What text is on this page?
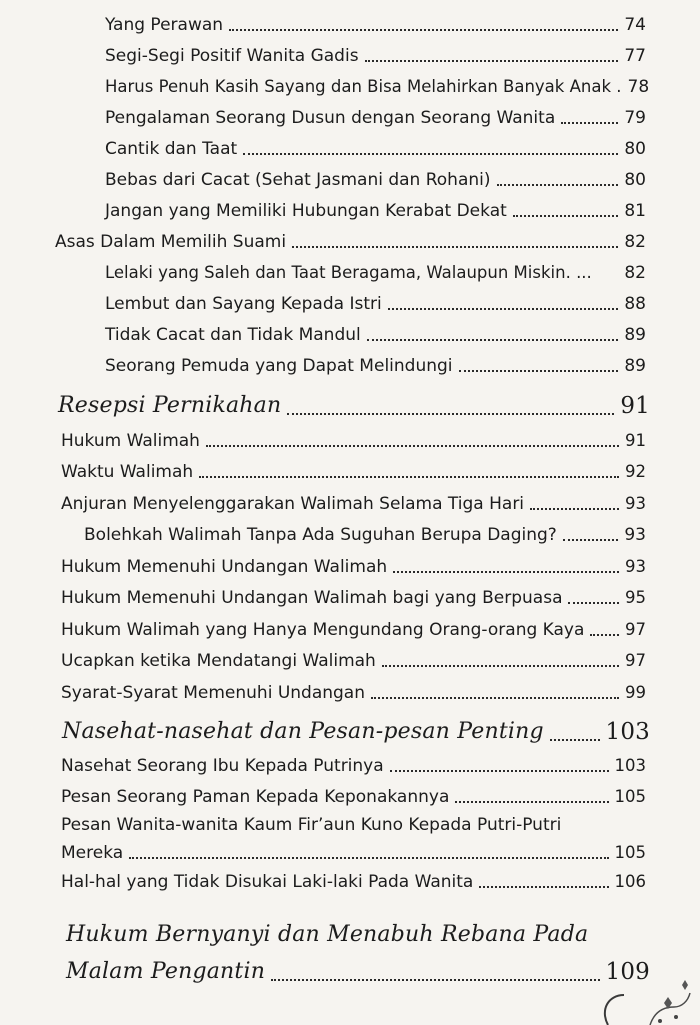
Yang Perawan	74
Segi-Segi Positif Wanita Gadis	77
Harus Penuh Kasih Sayang dan Bisa Melahirkan Banyak Anak . 78
Pengalaman Seorang Dusun dengan Seorang Wanita	79
Cantik dan Taat	80
Bebas dari Cacat (Sehat Jasmani dan Rohani)	80
Jangan yang Memiliki Hubungan Kerabat Dekat	81
Asas Dalam Memilih Suami	82
Lelaki yang Saleh dan Taat Beragama, Walaupun Miskin. ... 82
Lembut dan Sayang Kepada Istri	88
Tidak Cacat dan Tidak Mandul	89
Seorang Pemuda yang Dapat Melindungi	89
Resepsi Pernikahan	91
Hukum Walimah	91
Waktu Walimah	92
Anjuran Menyelenggarakan Walimah Selama Tiga Hari	93
Bolehkah Walimah Tanpa Ada Suguhan Berupa Daging?	93
Hukum Memenuhi Undangan Walimah	93
Hukum Memenuhi Undangan Walimah bagi yang Berpuasa	95
Hukum Walimah yang Hanya Mengundang Orang-orang Kaya 97
Ucapkan ketika Mendatangi Walimah	97
Syarat-Syarat Memenuhi Undangan	99
Nasehat-nasehat dan Pesan-pesan Penting	103
Nasehat Seorang Ibu Kepada Putrinya	103
Pesan Seorang Paman Kepada Keponakannya	105
Pesan Wanita-wanita Kaum Fir’aun Kuno Kepada Putri-Putri
Mereka	105
Hal-hal yang Tidak Disukai Laki-laki Pada Wanita	106
Hukum Bernyanyi dan Menabuh Rebana Pada
Malam Pengantin	109
